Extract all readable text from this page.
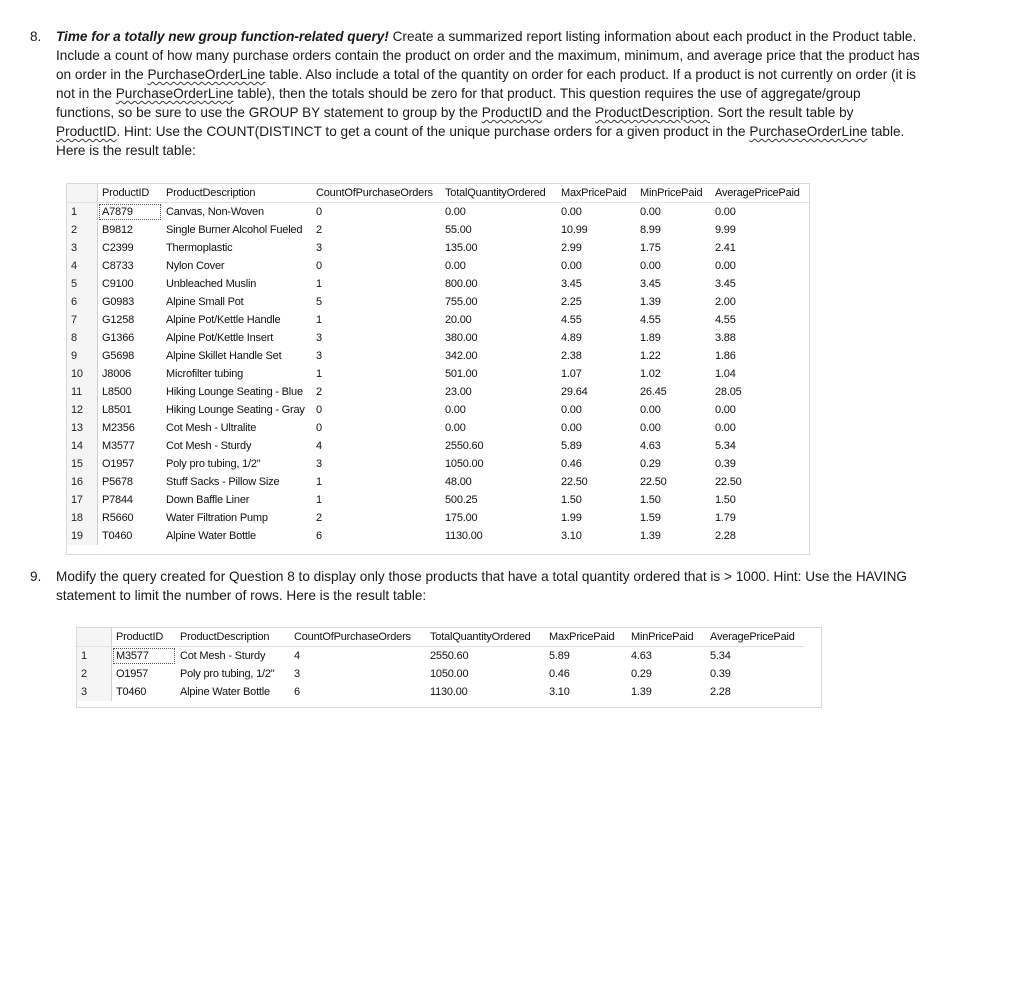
8. Time for a totally new group function-related query! Create a summarized report listing information about each product in the Product table. Include a count of how many purchase orders contain the product on order and the maximum, minimum, and average price that the product has on order in the PurchaseOrderLine table. Also include a total of the quantity on order for each product. If a product is not currently on order (it is not in the PurchaseOrderLine table), then the totals should be zero for that product. This question requires the use of aggregate/group functions, so be sure to use the GROUP BY statement to group by the ProductID and the ProductDescription. Sort the result table by ProductID. Hint: Use the COUNT(DISTINCT to get a count of the unique purchase orders for a given product in the PurchaseOrderLine table. Here is the result table:
	ProductID	ProductDescription	CountOfPurchaseOrders	TotalQuantityOrdered	MaxPricePaid	MinPricePaid	AveragePricePaid
1	A7879	Canvas, Non-Woven	0	0.00	0.00	0.00	0.00
2	B9812	Single Burner Alcohol Fueled	2	55.00	10.99	8.99	9.99
3	C2399	Thermoplastic	3	135.00	2.99	1.75	2.41
4	C8733	Nylon Cover	0	0.00	0.00	0.00	0.00
5	C9100	Unbleached Muslin	1	800.00	3.45	3.45	3.45
6	G0983	Alpine Small Pot	5	755.00	2.25	1.39	2.00
7	G1258	Alpine Pot/Kettle Handle	1	20.00	4.55	4.55	4.55
8	G1366	Alpine Pot/Kettle Insert	3	380.00	4.89	1.89	3.88
9	G5698	Alpine Skillet Handle Set	3	342.00	2.38	1.22	1.86
10	J8006	Microfilter tubing	1	501.00	1.07	1.02	1.04
11	L8500	Hiking Lounge Seating - Blue	2	23.00	29.64	26.45	28.05
12	L8501	Hiking Lounge Seating - Gray	0	0.00	0.00	0.00	0.00
13	M2356	Cot Mesh - Ultralite	0	0.00	0.00	0.00	0.00
14	M3577	Cot Mesh - Sturdy	4	2550.60	5.89	4.63	5.34
15	O1957	Poly pro tubing, 1/2"	3	1050.00	0.46	0.29	0.39
16	P5678	Stuff Sacks - Pillow Size	1	48.00	22.50	22.50	22.50
17	P7844	Down Baffle Liner	1	500.25	1.50	1.50	1.50
18	R5660	Water Filtration Pump	2	175.00	1.99	1.59	1.79
19	T0460	Alpine Water Bottle	6	1130.00	3.10	1.39	2.28
9. Modify the query created for Question 8 to display only those products that have a total quantity ordered that is > 1000. Hint: Use the HAVING statement to limit the number of rows. Here is the result table:
	ProductID	ProductDescription	CountOfPurchaseOrders	TotalQuantityOrdered	MaxPricePaid	MinPricePaid	AveragePricePaid
1	M3577	Cot Mesh - Sturdy	4	2550.60	5.89	4.63	5.34
2	O1957	Poly pro tubing, 1/2"	3	1050.00	0.46	0.29	0.39
3	T0460	Alpine Water Bottle	6	1130.00	3.10	1.39	2.28
